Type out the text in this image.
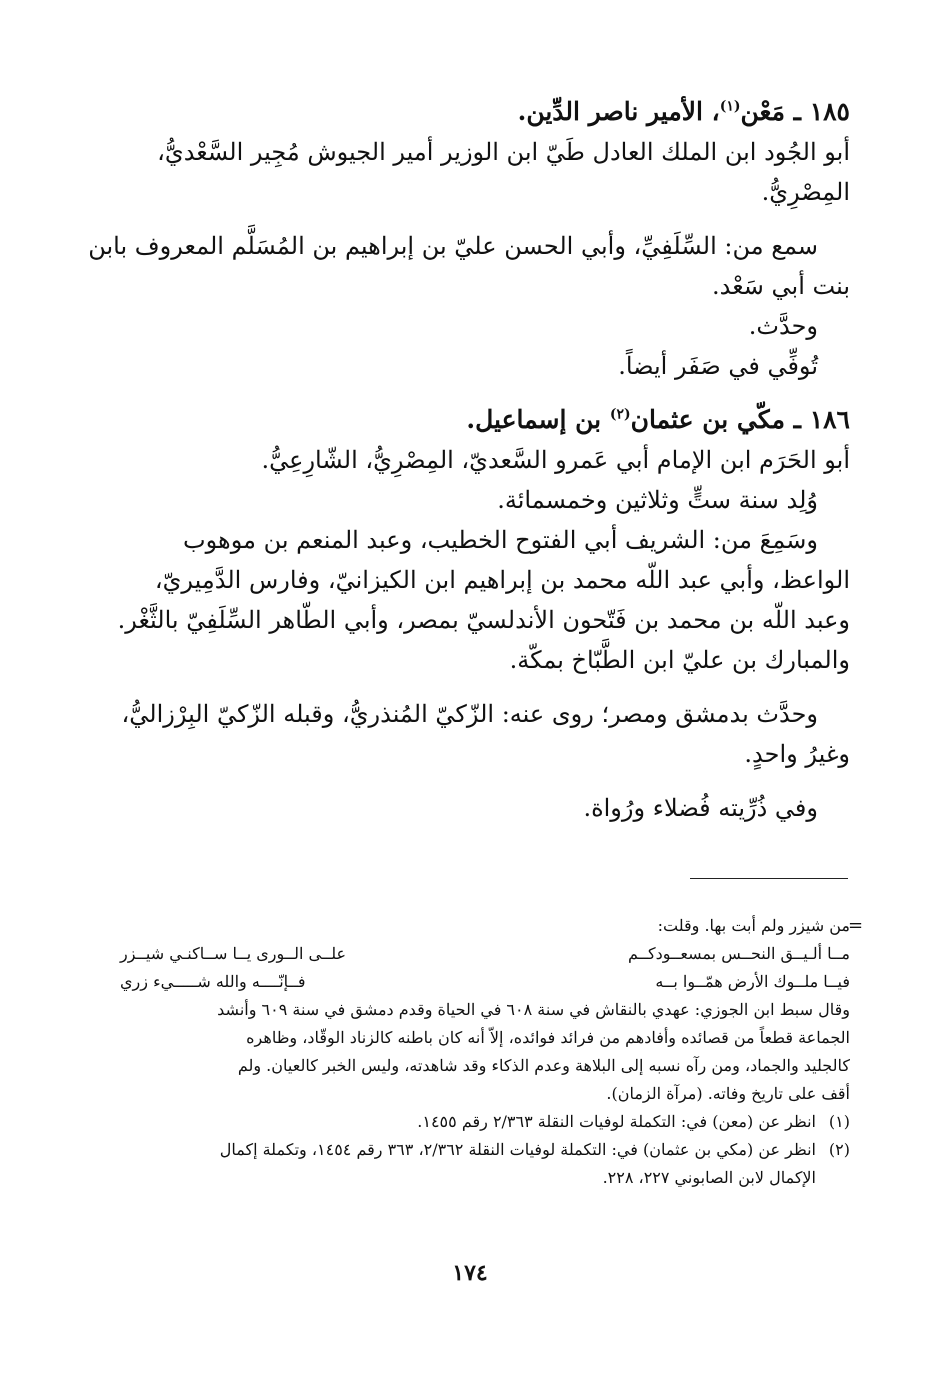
١٨٥ ـ مَعْن$^{(١)}$، الأمير ناصر الدِّين.
أبو الجُود ابن الملك العادل طَيّ ابن الوزير أمير الجيوش مُجِير السَّعْديُّ،
المِصْرِيُّ.
سمع من: السِّلَفِيِّ، وأبي الحسن عليّ بن إبراهيم بن المُسَلَّم المعروف بابن
بنت أبي سَعْد.
وحدَّث.
تُوفِّي في صَفَر أيضاً.
١٨٦ ـ مكّي بن عثمان$^{(٢)}$ بن إسماعيل.
أبو الحَرَم ابن الإمام أبي عَمرو السَّعديّ، المِصْرِيُّ، الشّارِعِيُّ.
وُلِد سنة ستٍّ وثلاثين وخمسمائة.
وسَمِعَ من: الشريف أبي الفتوح الخطيب، وعبد المنعم بن موهوب
الواعظ، وأبي عبد اللّه محمد بن إبراهيم ابن الكيزانيّ، وفارس الدَّمِيريّ،
وعبد اللّه بن محمد بن فَتّحون الأندلسيّ بمصر، وأبي الطّاهر السِّلَفِيّ بالثَّغْر.
والمبارك بن عليّ ابن الطَّبّاخ بمكّة.
وحدَّث بدمشق ومصر؛ روى عنه: الزّكيّ المُنذريُّ، وقبله الزّكيّ البِرْزاليُّ،
وغيرُ واحدٍ.
وفي ذُرِّيته فُضلاء ورُواة.
=
من شيزر ولم أبت بها. وقلت:
مــا ألـيــق النحــس بمسعــودكــم
علــى الــورى يــا ســاكنـي شيــزر
فيــا ملــوك الأرض همّــوا بــه
فــإنّــــه والله شـــــيء زري
وقال سبط ابن الجوزي: عهدي بالنقاش في سنة ٦٠٨ في الحياة وقدم دمشق في سنة ٦٠٩ وأنشد
الجماعة قطعاً من قصائده وأفادهم من فرائد فوائده، إلاّ أنه كان باطنه كالزناد الوقّاد، وظاهره
كالجليد والجماد، ومن رآه نسبه إلى البلاهة وعدم الذكاء وقد شاهدته، وليس الخبر كالعيان. ولم
أقف على تاريخ وفاته. (مرآة الزمان).
(١)
انظر عن (معن) في: التكملة لوفيات النقلة ٢/٣٦٣ رقم ١٤٥٥.
(٢)
انظر عن (مكي بن عثمان) في: التكملة لوفيات النقلة ٢/٣٦٢، ٣٦٣ رقم ١٤٥٤، وتكملة إكمال
الإكمال لابن الصابوني ٢٢٧، ٢٢٨.
١٧٤
